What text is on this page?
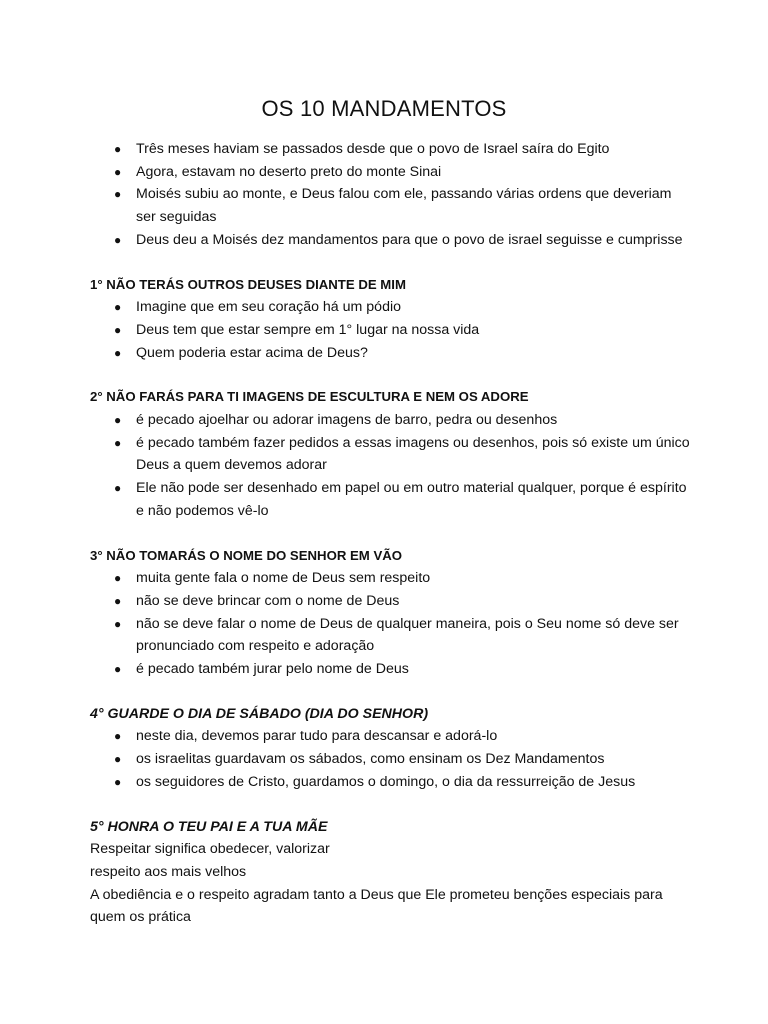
OS 10 MANDAMENTOS
● Três meses haviam se passados desde que o povo de Israel saíra do Egito
● Agora, estavam no deserto preto do monte Sinai
● Moisés subiu ao monte, e Deus falou com ele, passando várias ordens que deveriam ser seguidas
● Deus deu a Moisés dez mandamentos para que o povo de israel seguisse e cumprisse
1° NÃO TERÁS OUTROS DEUSES DIANTE DE MIM
● Imagine que em seu coração há um pódio
● Deus tem que estar sempre em 1° lugar na nossa vida
● Quem poderia estar acima de Deus?
2° NÃO FARÁS PARA TI IMAGENS DE ESCULTURA E NEM OS ADORE
● é pecado ajoelhar ou adorar imagens de barro, pedra ou desenhos
● é pecado também fazer pedidos a essas imagens ou desenhos, pois só existe um único Deus a quem devemos adorar
● Ele não pode ser desenhado em papel ou em outro material qualquer, porque é espírito e não podemos vê-lo
3° NÃO TOMARÁS O NOME DO SENHOR EM VÃO
● muita gente fala o nome de Deus sem respeito
● não se deve brincar com o nome de Deus
● não se deve falar o nome de Deus de qualquer maneira, pois o Seu nome só deve ser pronunciado com respeito e adoração
● é pecado também jurar pelo nome de Deus
4° GUARDE O DIA DE SÁBADO (DIA DO SENHOR)
● neste dia, devemos parar tudo para descansar e adorá-lo
● os israelitas guardavam os sábados, como ensinam os Dez Mandamentos
● os seguidores de Cristo, guardamos o domingo, o dia da ressurreição de Jesus
5° HONRA O TEU PAI E A TUA MÃE
Respeitar significa obedecer, valorizar
respeito aos mais velhos
A obediência e o respeito agradam tanto a Deus que Ele prometeu benções especiais para quem os prática
